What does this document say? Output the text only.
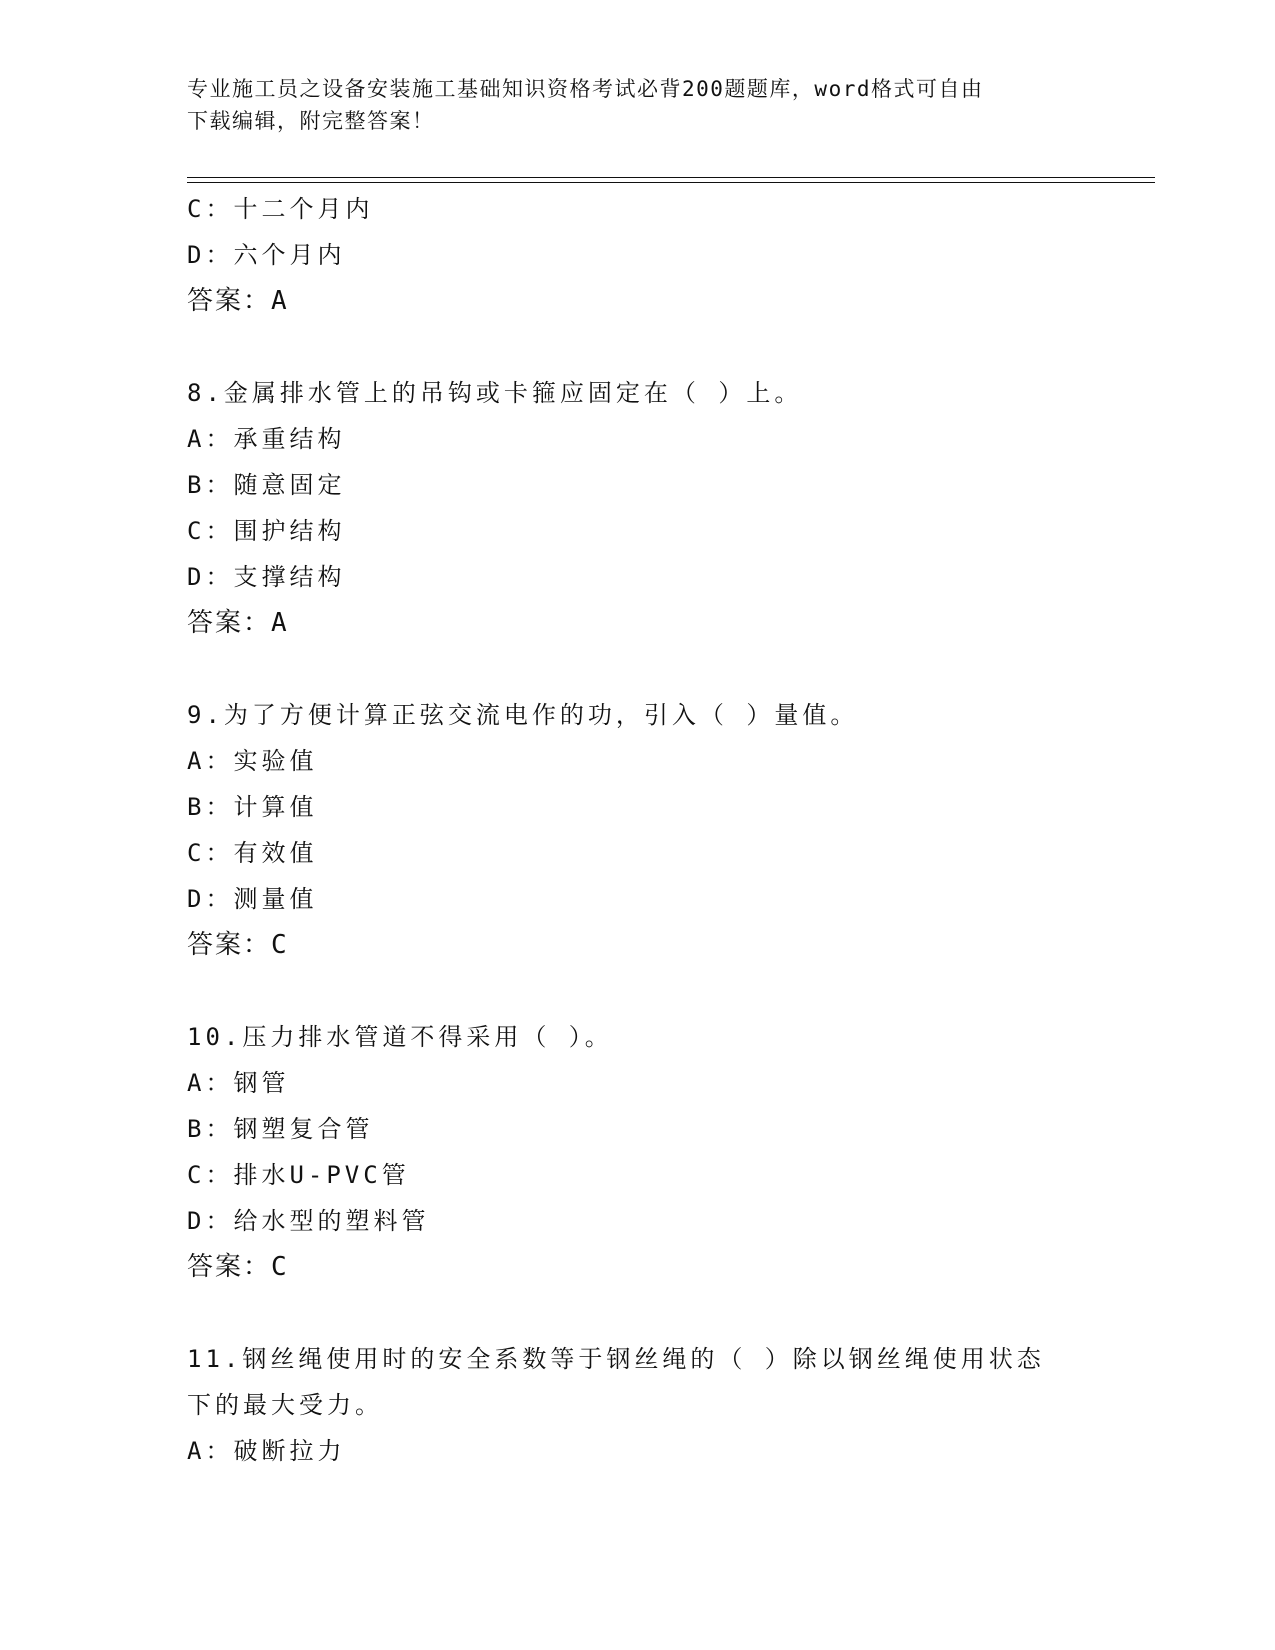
专业施工员之设备安装施工基础知识资格考试必背200题题库，word格式可自由
下载编辑，附完整答案！
C：十二个月内
D：六个月内
答案：A
8.金属排水管上的吊钩或卡箍应固定在（ ）上。
A：承重结构
B：随意固定
C：围护结构
D：支撑结构
答案：A
9.为了方便计算正弦交流电作的功，引入（ ）量值。
A：实验值
B：计算值
C：有效值
D：测量值
答案：C
10.压力排水管道不得采用（ ）。
A：钢管
B：钢塑复合管
C：排水U-PVC管
D：给水型的塑料管
答案：C
11.钢丝绳使用时的安全系数等于钢丝绳的（ ）除以钢丝绳使用状态
下的最大受力。
A：破断拉力
